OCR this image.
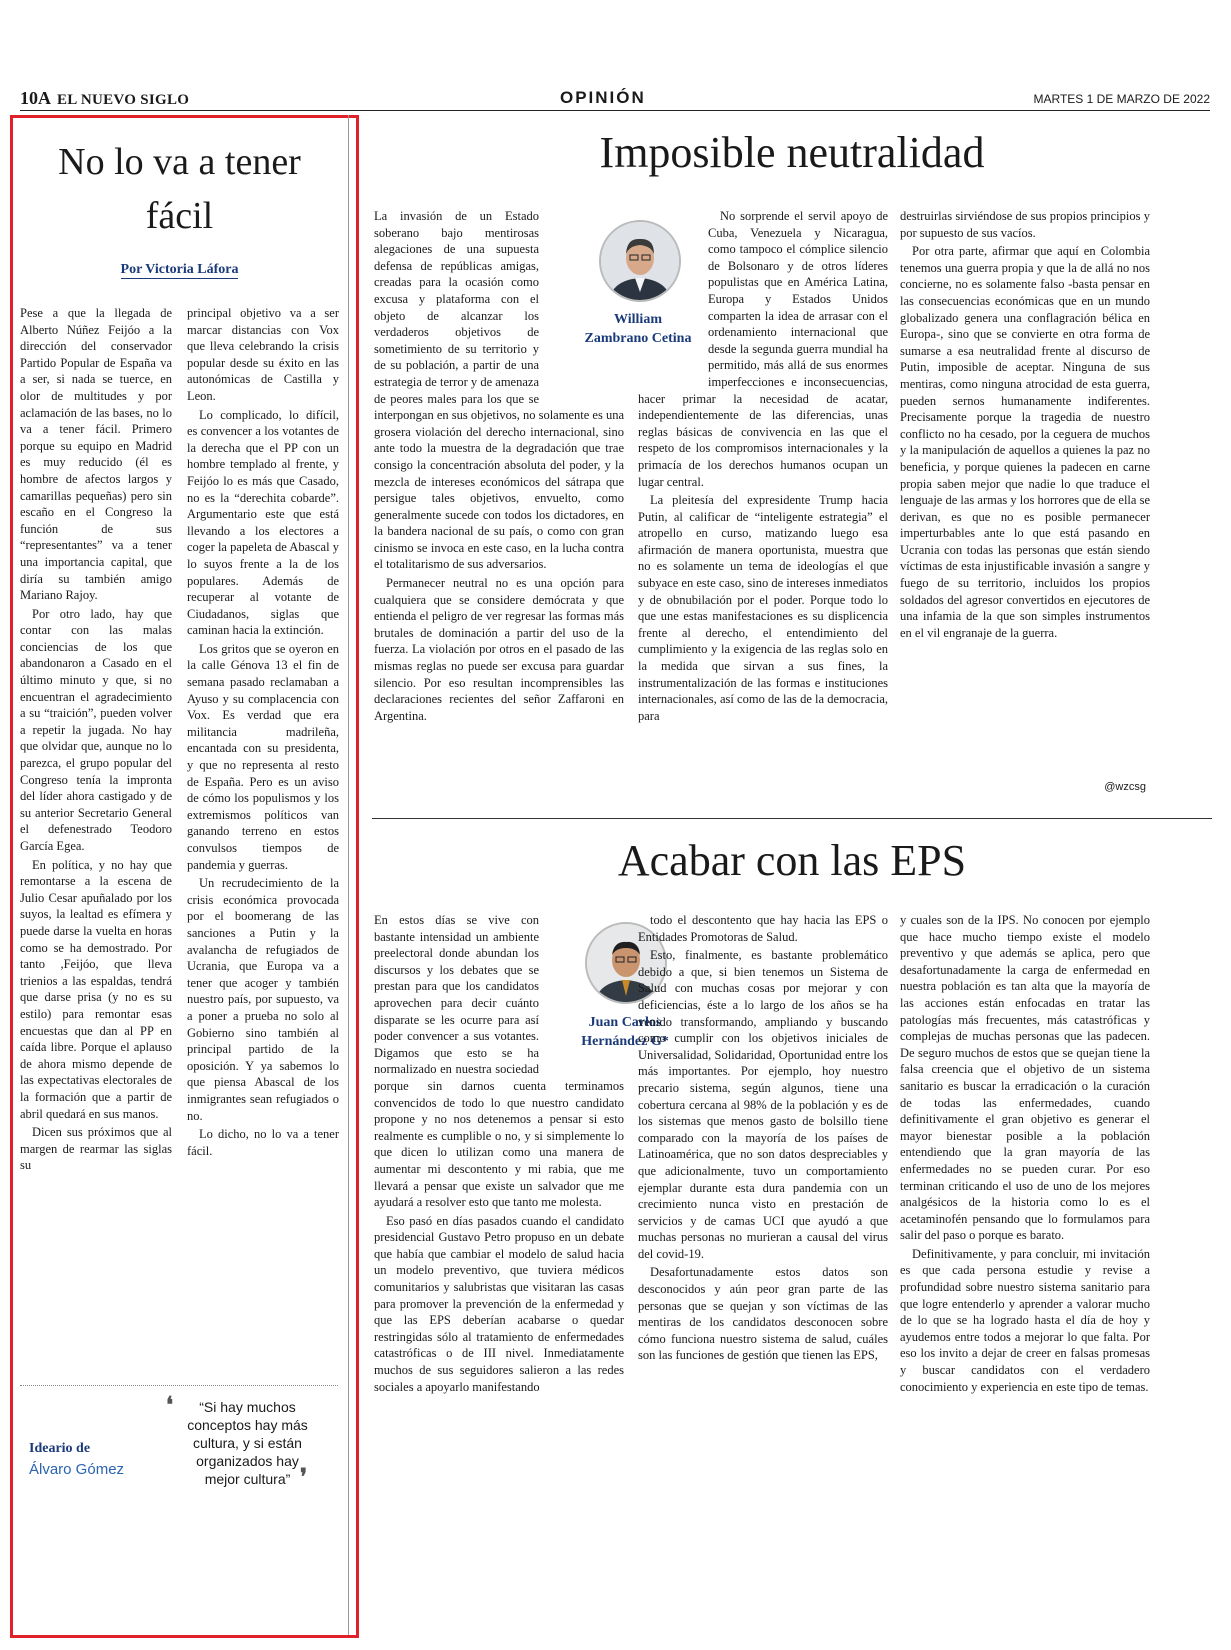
10A EL NUEVO SIGLO	OPINIÓN	MARTES 1 DE MARZO DE 2022
No lo va a tener fácil
Por Victoria Láfora

Pese a que la llegada de Alberto Núñez Feijóo a la dirección del conservador Partido Popular de España va a ser, si nada se tuerce, en olor de multitudes y por aclamación de las bases, no lo va a tener fácil. Primero porque su equipo en Madrid es muy reducido (él es hombre de afectos largos y camarillas pequeñas) pero sin escaño en el Congreso la función de sus “representantes” va a tener una importancia capital, que diría su también amigo Mariano Rajoy.

Por otro lado, hay que contar con las malas conciencias de los que abandonaron a Casado en el último minuto y que, si no encuentran el agradecimiento a su “traición”, pueden volver a repetir la jugada. No hay que olvidar que, aunque no lo parezca, el grupo popular del Congreso tenía la impronta del líder ahora castigado y de su anterior Secretario General el defenestrado Teodoro García Egea.

En política, y no hay que remontarse a la escena de Julio Cesar apuñalado por los suyos, la lealtad es efímera y puede darse la vuelta en horas como se ha demostrado. Por tanto ,Feijóo, que lleva trienios a las espaldas, tendrá que darse prisa (y no es su estilo) para remontar esas encuestas que dan al PP en caída libre. Porque el aplauso de ahora mismo depende de las expectativas electorales de la formación que a partir de abril quedará en sus manos.

Dicen sus próximos que al margen de rearmar las siglas su

principal objetivo va a ser marcar distancias con Vox que lleva celebrando la crisis popular desde su éxito en las autonómicas de Castilla y Leon.

Lo complicado, lo difícil, es convencer a los votantes de la derecha que el PP con un hombre templado al frente, y Feijóo lo es más que Casado, no es la “derechita cobarde”. Argumentario este que está llevando a los electores a coger la papeleta de Abascal y lo suyos frente a la de los populares. Además de recuperar al votante de Ciudadanos, siglas que caminan hacia la extinción.

Los gritos que se oyeron en la calle Génova 13 el fin de semana pasado reclamaban a Ayuso y su complacencia con Vox. Es verdad que era militancia madrileña, encantada con su presidenta, y que no representa al resto de España. Pero es un aviso de cómo los populismos y los extremismos políticos van ganando terreno en estos convulsos tiempos de pandemia y guerras.

Un recrudecimiento de la crisis económica provocada por el boomerang de las sanciones a Putin y la avalancha de refugiados de Ucrania, que Europa va a tener que acoger y también nuestro país, por supuesto, va a poner a prueba no solo al Gobierno sino también al principal partido de la oposición. Y ya sabemos lo que piensa Abascal de los inmigrantes sean refugiados o no.

Lo dicho, no lo va a tener fácil.

Ideario de
Álvaro Gómez
❛	“Si hay muchos conceptos hay más cultura, y si están organizados hay mejor cultura” ❜
Imposible neutralidad
William Zambrano Cetina

La invasión de un Estado soberano bajo mentirosas alegaciones de una supuesta defensa de repúblicas amigas, creadas para la ocasión como excusa y plataforma con el objeto de alcanzar los verdaderos objetivos de sometimiento de su territorio y de su población, a partir de una estrategia de terror y de amenaza de peores males para los que se interpongan en sus objetivos, no solamente es una grosera violación del derecho internacional, sino ante todo la muestra de la degradación que trae consigo la concentración absoluta del poder, y la mezcla de intereses económicos del sátrapa que persigue tales objetivos, envuelto, como generalmente sucede con todos los dictadores, en la bandera nacional de su país, o como con gran cinismo se invoca en este caso, en la lucha contra el totalitarismo de sus adversarios.

Permanecer neutral no es una opción para cualquiera que se considere demócrata y que entienda el peligro de ver regresar las formas más brutales de dominación a partir del uso de la fuerza. La violación por otros en el pasado de las mismas reglas no puede ser excusa para guardar silencio. Por eso resultan incomprensibles las declaraciones recientes del señor Zaffaroni en Argentina.

No sorprende el servil apoyo de Cuba, Venezuela y Nicaragua, como tampoco el cómplice silencio de Bolsonaro y de otros líderes populistas que en América Latina, Europa y Estados Unidos comparten la idea de arrasar con el ordenamiento internacional que desde la segunda guerra mundial ha permitido, más allá de sus enormes imperfecciones e inconsecuencias, hacer primar la necesidad de acatar, independientemente de las diferencias, unas reglas básicas de convivencia en las que el respeto de los compromisos internacionales y la primacía de los derechos humanos ocupan un lugar central.

La pleitesía del expresidente Trump hacia Putin, al calificar de “inteligente estrategia” el atropello en curso, matizando luego esa afirmación de manera oportunista, muestra que no es solamente un tema de ideologías el que subyace en este caso, sino de intereses inmediatos y de obnubilación por el poder. Porque todo lo que une estas manifestaciones es su displicencia frente al derecho, el entendimiento del cumplimiento y la exigencia de las reglas solo en la medida que sirvan a sus fines, la instrumentalización de las formas e instituciones internacionales, así como de las de la democracia, para

destruirlas sirviéndose de sus propios principios y por supuesto de sus vacíos.

Por otra parte, afirmar que aquí en Colombia tenemos una guerra propia y que la de allá no nos concierne, no es solamente falso -basta pensar en las consecuencias económicas que en un mundo globalizado genera una conflagración bélica en Europa-, sino que se convierte en otra forma de sumarse a esa neutralidad frente al discurso de Putin, imposible de aceptar. Ninguna de sus mentiras, como ninguna atrocidad de esta guerra, pueden sernos humanamente indiferentes. Precisamente porque la tragedia de nuestro conflicto no ha cesado, por la ceguera de muchos y la manipulación de aquellos a quienes la paz no beneficia, y porque quienes la padecen en carne propia saben mejor que nadie lo que traduce el lenguaje de las armas y los horrores que de ella se derivan, es que no es posible permanecer imperturbables ante lo que está pasando en Ucrania con todas las personas que están siendo víctimas de esta injustificable invasión a sangre y fuego de su territorio, incluidos los propios soldados del agresor convertidos en ejecutores de una infamia de la que son simples instrumentos en el vil engranaje de la guerra.

@wzcsg
Acabar con las EPS
Juan Carlos Hernández G*

En estos días se vive con bastante intensidad un ambiente preelectoral donde abundan los discursos y los debates que se prestan para que los candidatos aprovechen para decir cuánto disparate se les ocurre para así poder convencer a sus votantes. Digamos que esto se ha normalizado en nuestra sociedad porque sin darnos cuenta terminamos convencidos de todo lo que nuestro candidato propone y no nos detenemos a pensar si esto realmente es cumplible o no, y si simplemente lo que dicen lo utilizan como una manera de aumentar mi descontento y mi rabia, que me llevará a pensar que existe un salvador que me ayudará a resolver esto que tanto me molesta.

Eso pasó en días pasados cuando el candidato presidencial Gustavo Petro propuso en un debate que había que cambiar el modelo de salud hacia un modelo preventivo, que tuviera médicos comunitarios y salubristas que visitaran las casas para promover la prevención de la enfermedad y que las EPS deberían acabarse o quedar restringidas sólo al tratamiento de enfermedades catastróficas o de III nivel. Inmediatamente muchos de sus seguidores salieron a las redes sociales a apoyarlo manifestando

todo el descontento que hay hacia las EPS o Entidades Promotoras de Salud.

Esto, finalmente, es bastante problemático debido a que, si bien tenemos un Sistema de Salud con muchas cosas por mejorar y con deficiencias, éste a lo largo de los años se ha venido transformando, ampliando y buscando como cumplir con los objetivos iniciales de Universalidad, Solidaridad, Oportunidad entre los más importantes. Por ejemplo, hoy nuestro precario sistema, según algunos, tiene una cobertura cercana al 98% de la población y es de los sistemas que menos gasto de bolsillo tiene comparado con la mayoría de los países de Latinoamérica, que no son datos despreciables y que adicionalmente, tuvo un comportamiento ejemplar durante esta dura pandemia con un crecimiento nunca visto en prestación de servicios y de camas UCI que ayudó a que muchas personas no murieran a causal del virus del covid-19.

Desafortunadamente estos datos son desconocidos y aún peor gran parte de las personas que se quejan y son víctimas de las mentiras de los candidatos desconocen sobre cómo funciona nuestro sistema de salud, cuáles son las funciones de gestión que tienen las EPS,

y cuales son de la IPS. No conocen por ejemplo que hace mucho tiempo existe el modelo preventivo y que además se aplica, pero que desafortunadamente la carga de enfermedad en nuestra población es tan alta que la mayoría de las acciones están enfocadas en tratar las patologías más frecuentes, más catastróficas y complejas de muchas personas que las padecen. De seguro muchos de estos que se quejan tiene la falsa creencia que el objetivo de un sistema sanitario es buscar la erradicación o la curación de todas las enfermedades, cuando definitivamente el gran objetivo es generar el mayor bienestar posible a la población entendiendo que la gran mayoría de las enfermedades no se pueden curar. Por eso terminan criticando el uso de uno de los mejores analgésicos de la historia como lo es el acetaminofén pensando que lo formulamos para salir del paso o porque es barato.

Definitivamente, y para concluir, mi invitación es que cada persona estudie y revise a profundidad sobre nuestro sistema sanitario para que logre entenderlo y aprender a valorar mucho de lo que se ha logrado hasta el día de hoy y ayudemos entre todos a mejorar lo que falta. Por eso los invito a dejar de creer en falsas promesas y buscar candidatos con el verdadero conocimiento y experiencia en este tipo de temas.
